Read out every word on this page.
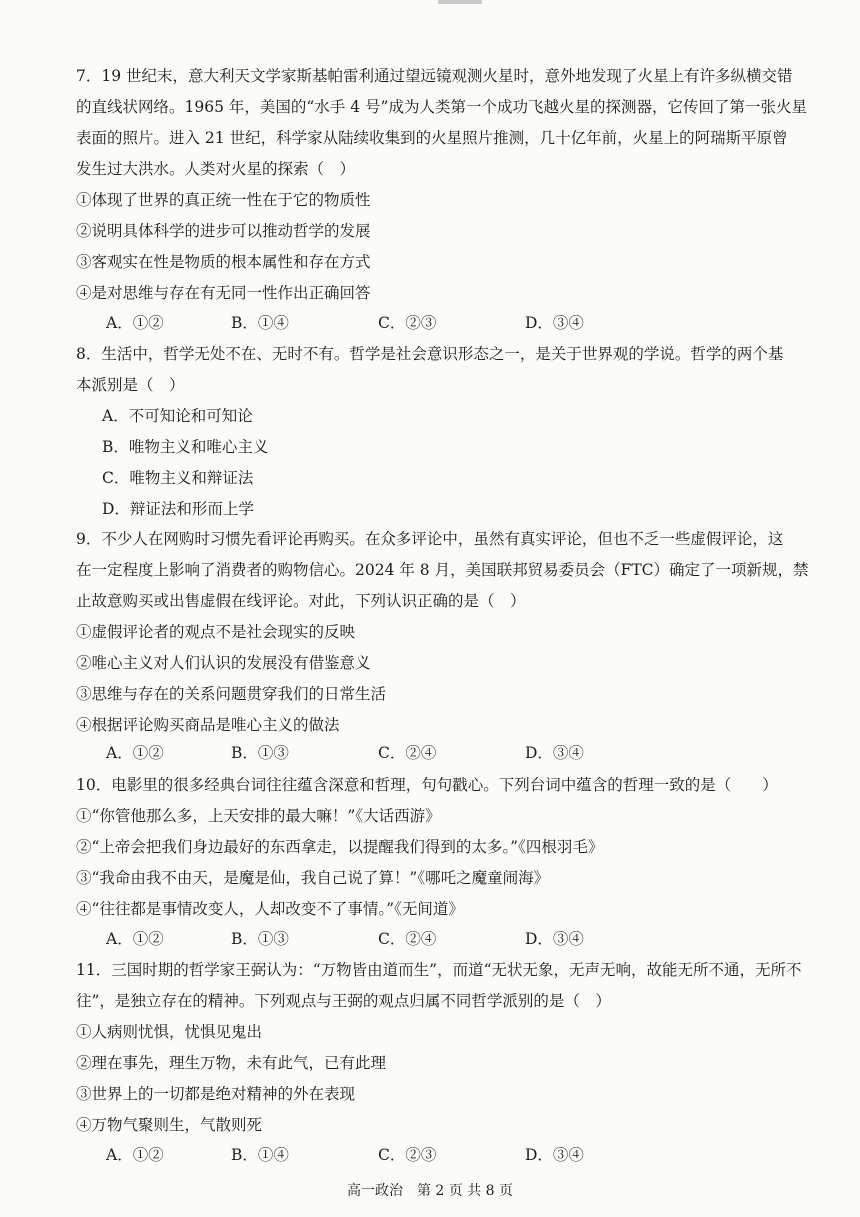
7．19 世纪末，意大利天文学家斯基帕雷利通过望远镜观测火星时，意外地发现了火星上有许多纵横交错
的直线状网络。1965 年，美国的“水手 4 号”成为人类第一个成功飞越火星的探测器，它传回了第一张火星
表面的照片。进入 21 世纪，科学家从陆续收集到的火星照片推测，几十亿年前，火星上的阿瑞斯平原曾
发生过大洪水。人类对火星的探索（　）
①体现了世界的真正统一性在于它的物质性
②说明具体科学的进步可以推动哲学的发展
③客观实在性是物质的根本属性和存在方式
④是对思维与存在有无同一性作出正确回答
A．①②	B．①④	C．②③	D．③④
8．生活中，哲学无处不在、无时不有。哲学是社会意识形态之一，是关于世界观的学说。哲学的两个基
本派别是（　）
A．不可知论和可知论
B．唯物主义和唯心主义
C．唯物主义和辩证法
D．辩证法和形而上学
9．不少人在网购时习惯先看评论再购买。在众多评论中，虽然有真实评论，但也不乏一些虚假评论，这
在一定程度上影响了消费者的购物信心。2024 年 8 月，美国联邦贸易委员会（FTC）确定了一项新规，禁
止故意购买或出售虚假在线评论。对此，下列认识正确的是（　）
①虚假评论者的观点不是社会现实的反映
②唯心主义对人们认识的发展没有借鉴意义
③思维与存在的关系问题贯穿我们的日常生活
④根据评论购买商品是唯心主义的做法
A．①②	B．①③	C．②④	D．③④
10．电影里的很多经典台词往往蕴含深意和哲理，句句戳心。下列台词中蕴含的哲理一致的是（　　）
①“你管他那么多，上天安排的最大嘛！”《大话西游》
②“上帝会把我们身边最好的东西拿走，以提醒我们得到的太多。”《四根羽毛》
③“我命由我不由天，是魔是仙，我自己说了算！”《哪吒之魔童闹海》
④“往往都是事情改变人，人却改变不了事情。”《无间道》
A．①②	B．①③	C．②④	D．③④
11．三国时期的哲学家王弼认为：“万物皆由道而生”，而道“无状无象，无声无响，故能无所不通，无所不
往”，是独立存在的精神。下列观点与王弼的观点归属不同哲学派别的是（　）
①人病则忧惧，忧惧见鬼出
②理在事先，理生万物，未有此气，已有此理
③世界上的一切都是绝对精神的外在表现
④万物气聚则生，气散则死
A．①②	B．①④	C．②③	D．③④
高一政治　第 2 页 共 8 页
